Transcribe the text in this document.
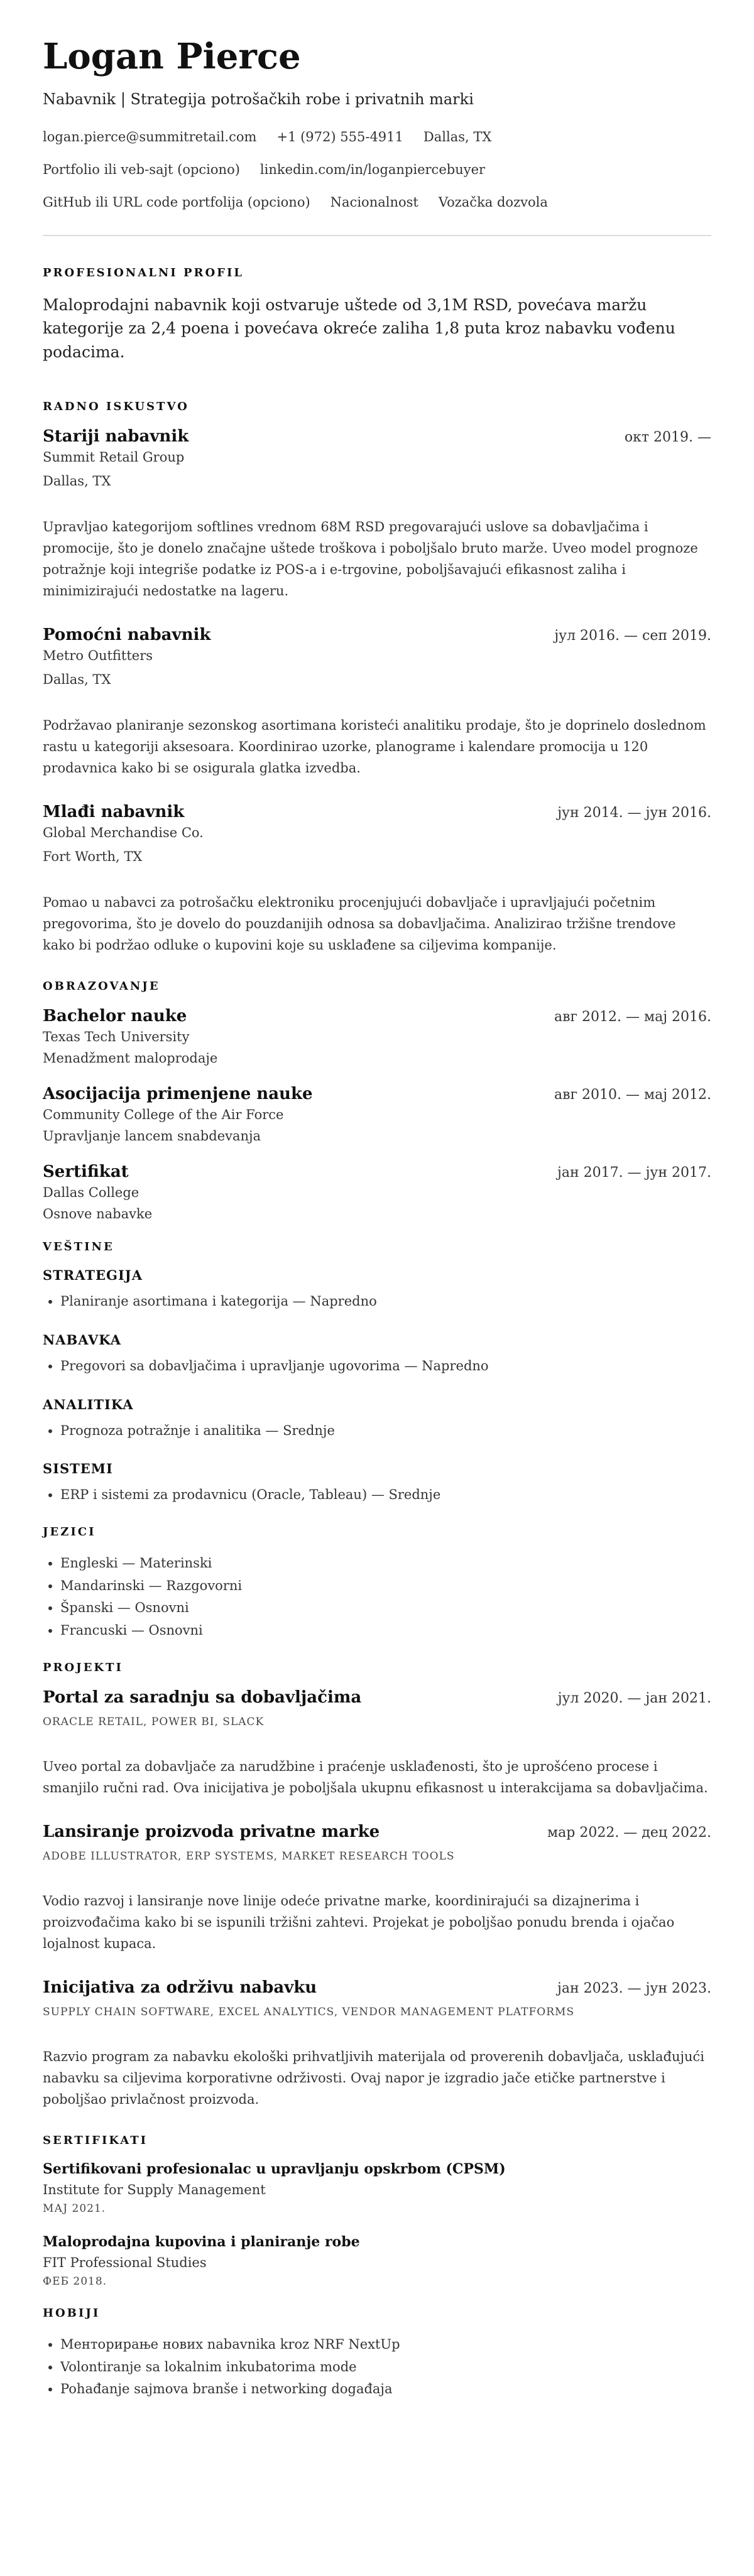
Logan Pierce
Nabavnik | Strategija potrošačkih robe i privatnih marki
logan.pierce@summitretail.com +1 (972) 555-4911 Dallas, TX
Portfolio ili veb-sajt (opciono) linkedin.com/in/loganpiercebuyer
GitHub ili URL code portfolija (opciono) Nacionalnost Vozačka dozvola
PROFESIONALNI PROFIL
Maloprodajni nabavnik koji ostvaruje uštede od 3,1M RSD, povećava maržu kategorije za 2,4 poena i povećava okreće zaliha 1,8 puta kroz nabavku vođenu podacima.
RADNO ISKUSTVO
Stariji nabavnik	окт 2019. —
Summit Retail Group
Dallas, TX
Upravljao kategorijom softlines vrednom 68M RSD pregovarajući uslove sa dobavljačima i promocije, što je donelo značajne uštede troškova i poboljšalo bruto marže. Uveo model prognoze potražnje koji integriše podatke iz POS-a i e-trgovine, poboljšavajući efikasnost zaliha i minimizirajući nedostatke na lageru.
Pomoćni nabavnik	јул 2016. — сеп 2019.
Metro Outfitters
Dallas, TX
Podržavao planiranje sezonskog asortimana koristeći analitiku prodaje, što je doprinelo doslednom rastu u kategoriji aksesoara. Koordinirao uzorke, planograme i kalendare promocija u 120 prodavnica kako bi se osigurala glatka izvedba.
Mlađi nabavnik	јун 2014. — јун 2016.
Global Merchandise Co.
Fort Worth, TX
Pomao u nabavci za potrošačku elektroniku procenjujući dobavljače i upravljajući početnim pregovorima, što je dovelo do pouzdanijih odnosa sa dobavljačima. Analizirao tržišne trendove kako bi podržao odluke o kupovini koje su usklađene sa ciljevima kompanije.
OBRAZOVANJE
Bachelor nauke	авг 2012. — мај 2016.
Texas Tech University
Menadžment maloprodaje
Asocijacija primenjene nauke	авг 2010. — мај 2012.
Community College of the Air Force
Upravljanje lancem snabdevanja
Sertifikat	јан 2017. — јун 2017.
Dallas College
Osnove nabavke
VEŠTINE
STRATEGIJA
• Planiranje asortimana i kategorija — Napredno
NABAVKA
• Pregovori sa dobavljačima i upravljanje ugovorima — Napredno
ANALITIKA
• Prognoza potražnje i analitika — Srednje
SISTEMI
• ERP i sistemi za prodavnicu (Oracle, Tableau) — Srednje
JEZICI
• Engleski — Materinski
• Mandarinski — Razgovorni
• Španski — Osnovni
• Francuski — Osnovni
PROJEKTI
Portal za saradnju sa dobavljačima	јул 2020. — јан 2021.
ORACLE RETAIL, POWER BI, SLACK
Uveo portal za dobavljače za narudžbine i praćenje usklađenosti, što je uprošćeno procese i smanjilo ručni rad. Ova inicijativa je poboljšala ukupnu efikasnost u interakcijama sa dobavljačima.
Lansiranje proizvoda privatne marke	мар 2022. — дец 2022.
ADOBE ILLUSTRATOR, ERP SYSTEMS, MARKET RESEARCH TOOLS
Vodio razvoj i lansiranje nove linije odeće privatne marke, koordinirajući sa dizajnerima i proizvođačima kako bi se ispunili tržišni zahtevi. Projekat je poboljšao ponudu brenda i ojačao lojalnost kupaca.
Inicijativa za održivu nabavku	јан 2023. — јун 2023.
SUPPLY CHAIN SOFTWARE, EXCEL ANALYTICS, VENDOR MANAGEMENT PLATFORMS
Razvio program za nabavku ekološki prihvatljivih materijala od proverenih dobavljača, usklađujući nabavku sa ciljevima korporativne održivosti. Ovaj napor je izgradio jače etičke partnerstve i poboljšao privlačnost proizvoda.
SERTIFIKATI
Sertifikovani profesionalac u upravljanju opskrbom (CPSM)
Institute for Supply Management
МАЈ 2021.
Maloprodajna kupovina i planiranje robe
FIT Professional Studies
ФЕБ 2018.
HOBIJI
• Менторирање нових nabavnika kroz NRF NextUp
• Volontiranje sa lokalnim inkubatorima mode
• Pohađanje sajmova branše i networking događaja
